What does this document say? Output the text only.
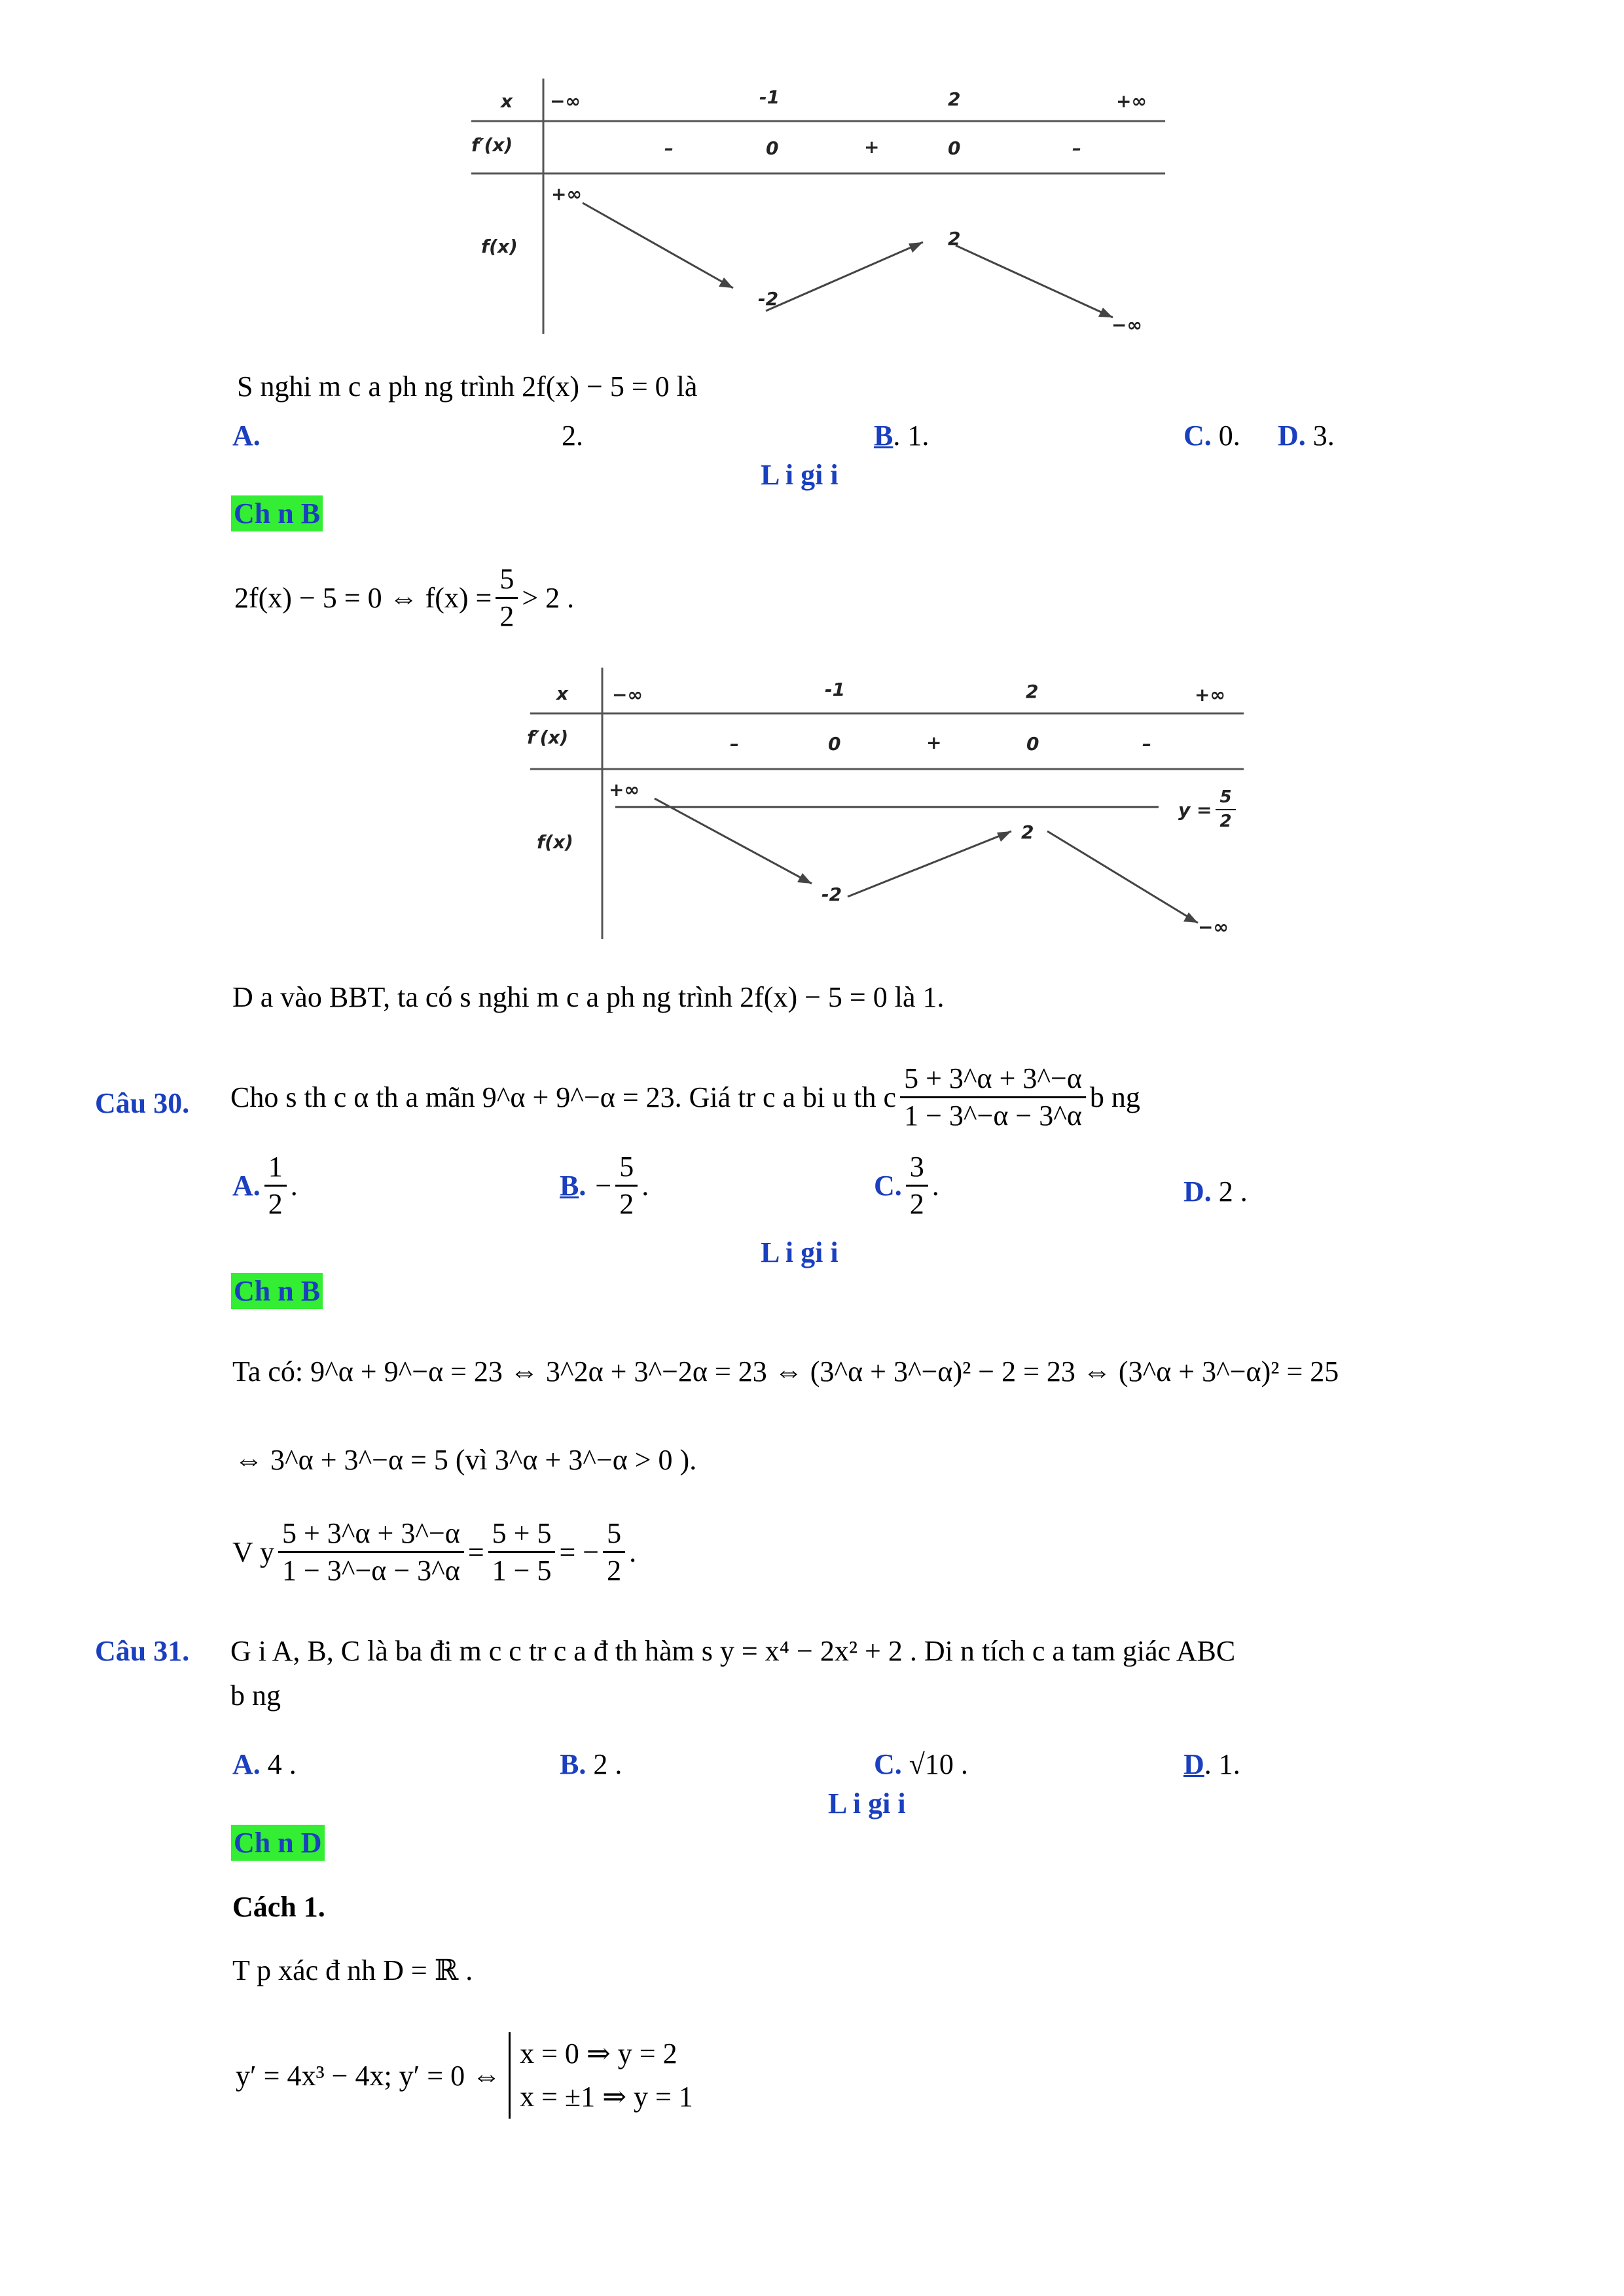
x −∞	-1	2	+∞
f′(x)	–	0	+	0	–
f(x)
+∞
-2
2
−∞
S nghi m c a ph ng trình 2f(x) − 5 = 0 là
A.	2.	B. 1.	C. 0. D. 3.
L i gi i
Ch n B
2f(x) − 5 = 0 ⇔ $f(x) = \frac{5}{2} > 2$ .
x −∞	-1	2	+∞
f′(x)	–	0	+	0	–
f(x)
+∞
-2
2
−∞
$y = \frac{5}{2}$
D a vào BBT, ta có s nghi m c a ph ng trình 2f(x) − 5 = 0 là 1.
Câu 30. Cho s th c α th a mãn 9^α + 9^−α = 23. Giá tr c a bi u th c $\frac{5 + 3\^{}\alpha + 3\^{}-\alpha}{1 - 3\^{}-\alpha - 3\^{}\alpha}$ b ng
A. $\frac{1}{2}$ .	B . − $\frac{5}{2}$ .	C. $\frac{3}{2}$ .	D. 2 .
L i gi i
Ch n B
Ta có: 9^α + 9^−α = 23 ⇔ 3^2α + 3^−2α = 23 ⇔ (3^α + 3^−α)² − 2 = 23 ⇔ (3^α + 3^−α)² = 25
⇔ 3^α + 3^−α = 5 (vì 3^α + 3^−α > 0 ).
V y $\frac{5 + 3\^{}\alpha + 3\^{}-\alpha}{1 - 3\^{}-\alpha - 3\^{}\alpha} = \frac{5 + 5}{1 - 5}$ = − $\frac{5}{2}$ .
Câu 31. G i A, B, C là ba đi m c c tr c a đ th hàm s y = x⁴ − 2x² + 2 . Di n tích c a tam giác ABC
b ng
A. 4 .	B. 2 .	C. √10 .	D. 1.
L i gi i
Ch n D
Cách 1.
T p xác đ nh D = ℝ .
y′ = 4x³ − 4x; y′ = 0 ⇔
x = 0 ⇒ y = 2
x = ±1 ⇒ y = 1
